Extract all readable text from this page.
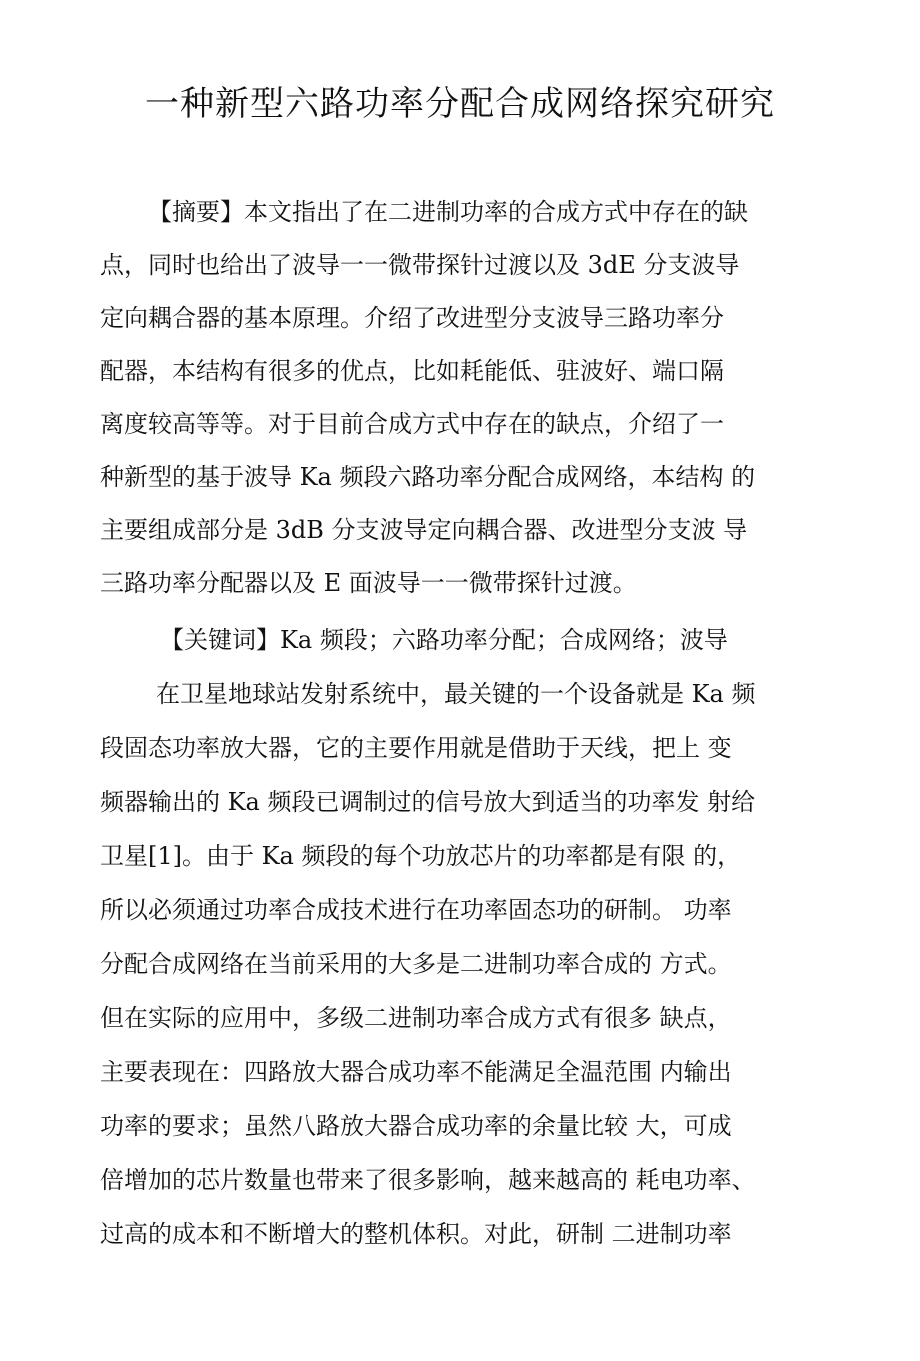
一种新型六路功率分配合成网络探究研究

【摘要】本文指出了在二进制功率的合成方式中存在的缺

点，同时也给出了波导一一微带探针过渡以及 3dE 分支波导

定向耦合器的基本原理。介绍了改进型分支波导三路功率分

配器，本结构有很多的优点，比如耗能低、驻波好、端口隔

离度较高等等。对于目前合成方式中存在的缺点，介绍了一

种新型的基于波导 Ka 频段六路功率分配合成网络，本结构 的

主要组成部分是 3dB 分支波导定向耦合器、改进型分支波 导

三路功率分配器以及 E 面波导一一微带探针过渡。

【关键词】Ka 频段；六路功率分配；合成网络；波导

在卫星地球站发射系统中，最关键的一个设备就是 Ka 频

段固态功率放大器，它的主要作用就是借助于天线，把上 变

频器输出的 Ka 频段已调制过的信号放大到适当的功率发 射给

卫星[1]。由于 Ka 频段的每个功放芯片的功率都是有限 的，

所以必须通过功率合成技术进行在功率固态功的研制。 功率

分配合成网络在当前采用的大多是二进制功率合成的 方式。

但在实际的应用中，多级二进制功率合成方式有很多 缺点，

主要表现在：四路放大器合成功率不能满足全温范围 内输出

功率的要求；虽然八路放大器合成功率的余量比较 大，可成

倍增加的芯片数量也带来了很多影响，越来越高的 耗电功率、

过高的成本和不断增大的整机体积。对此，研制 二进制功率
